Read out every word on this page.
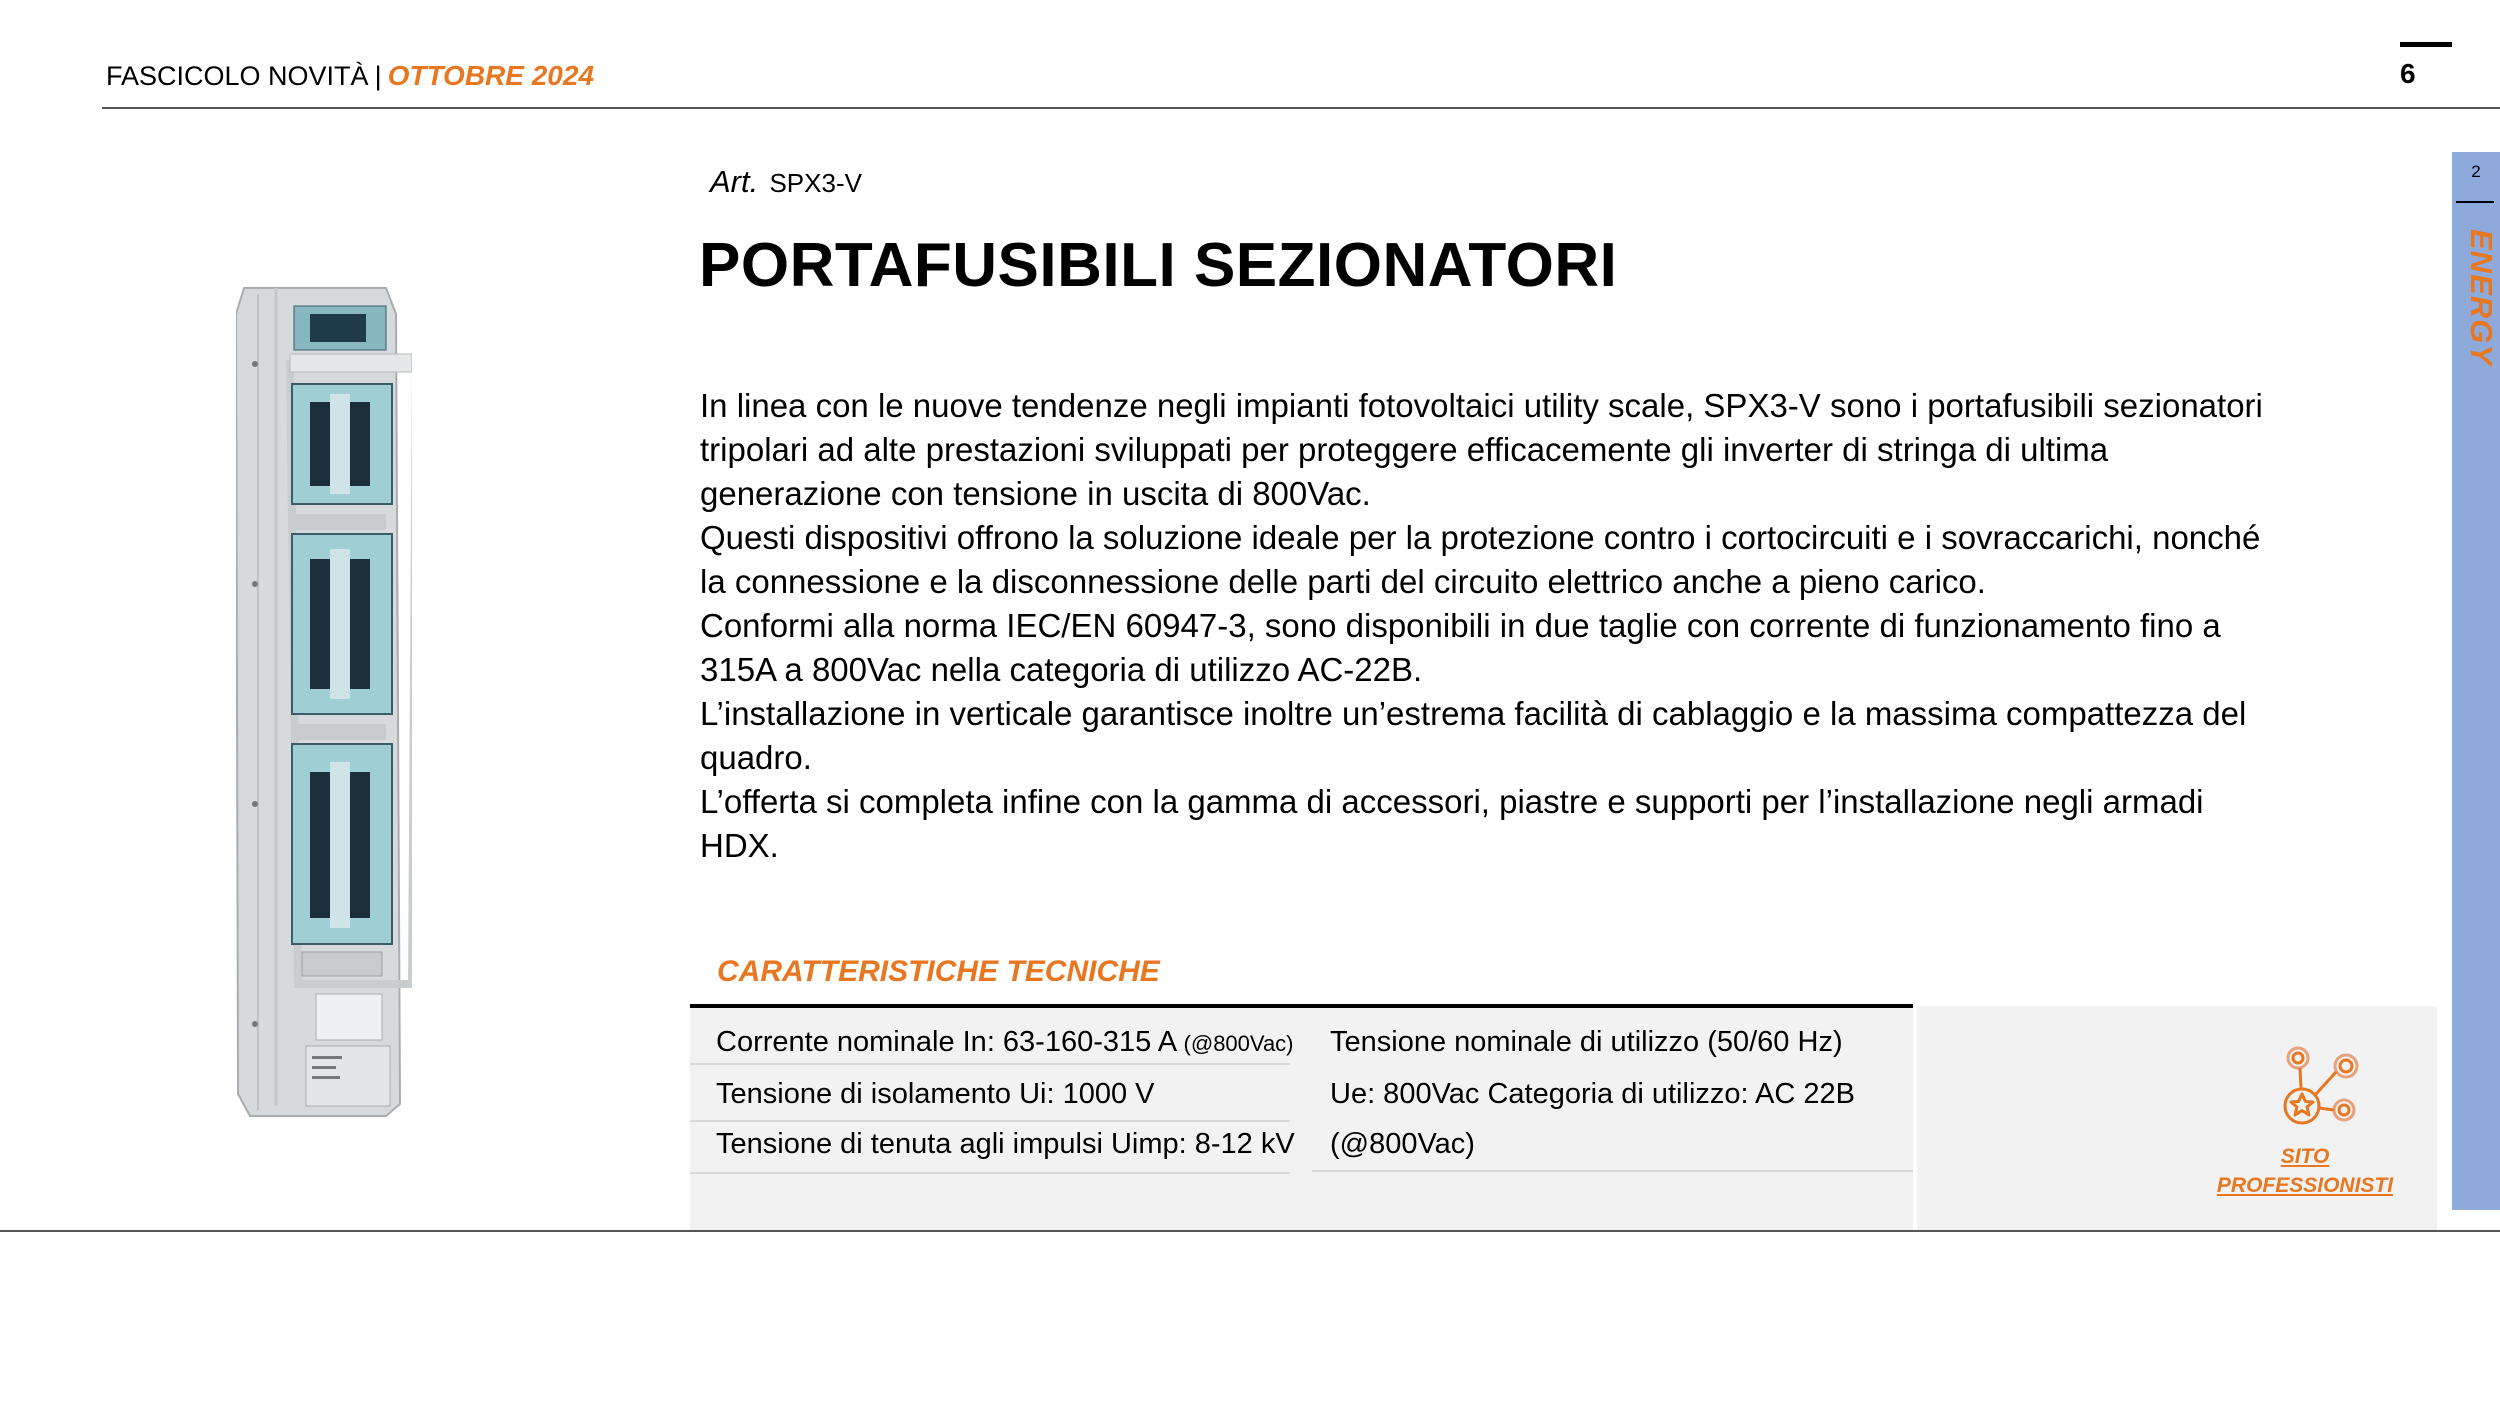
FASCICOLO NOVITÀ | OTTOBRE 2024	6
2
ENERGY
Art. SPX3-V
PORTAFUSIBILI SEZIONATORI

In linea con le nuove tendenze negli impianti fotovoltaici utility scale, SPX3-V sono i portafusibili sezionatori tripolari ad alte prestazioni sviluppati per proteggere efficacemente gli inverter di stringa di ultima generazione con tensione in uscita di 800Vac.

Questi dispositivi offrono la soluzione ideale per la protezione contro i cortocircuiti e i sovraccarichi, nonché la connessione e la disconnessione delle parti del circuito elettrico anche a pieno carico.

Conformi alla norma IEC/EN 60947-3, sono disponibili in due taglie con corrente di funzionamento fino a 315A a 800Vac nella categoria di utilizzo AC-22B.

L’installazione in verticale garantisce inoltre un’estrema facilità di cablaggio e la massima compattezza del quadro.

L’offerta si completa infine con la gamma di accessori, piastre e supporti per l’installazione negli armadi HDX.

CARATTERISTICHE TECNICHE
Corrente nominale In: 63-160-315 A (@800Vac)
Tensione di isolamento Ui: 1000 V
Tensione di tenuta agli impulsi Uimp: 8-12 kV
Tensione nominale di utilizzo (50/60 Hz)
Ue: 800Vac Categoria di utilizzo: AC 22B
(@800Vac)	SITO
PROFESSIONISTI
